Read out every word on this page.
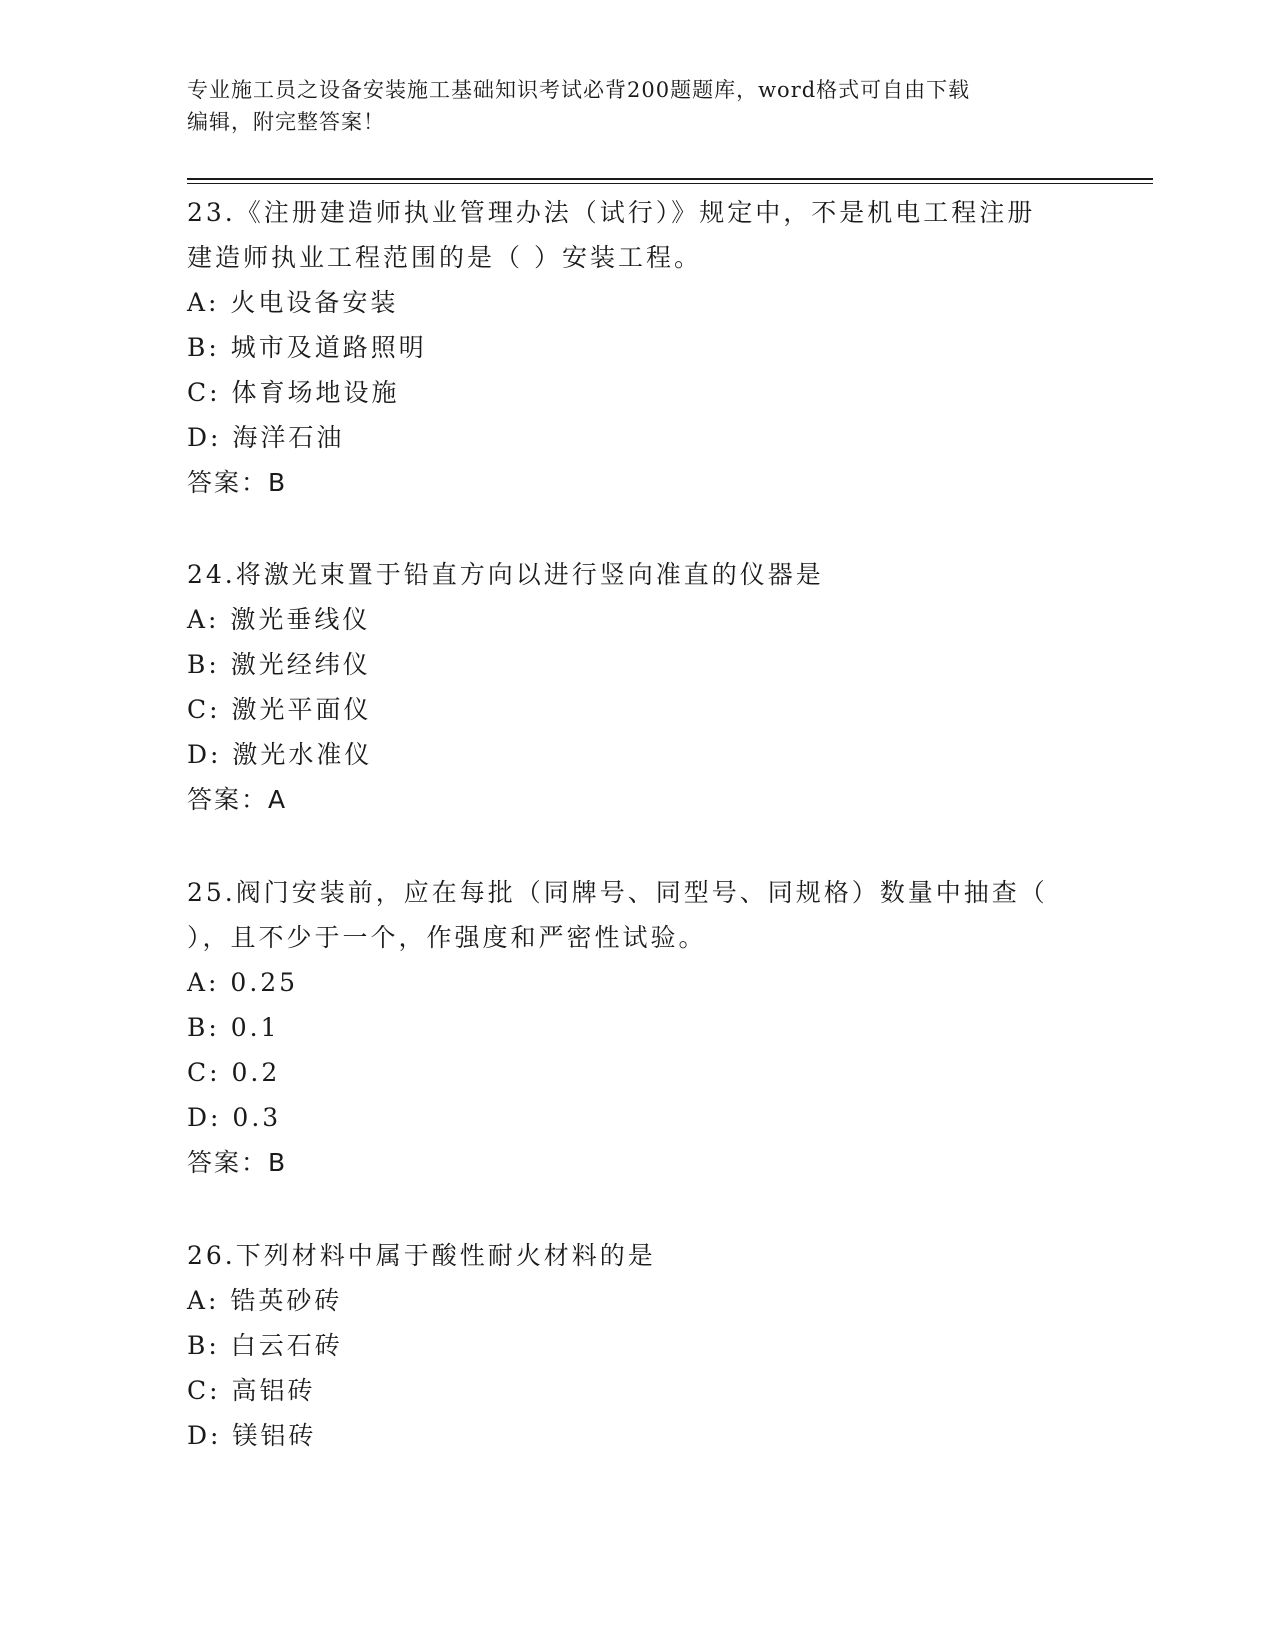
专业施工员之设备安装施工基础知识考试必背200题题库，word格式可自由下载
编辑，附完整答案！

23.《注册建造师执业管理办法（试行）》规定中，不是机电工程注册

建造师执业工程范围的是（ ）安装工程。

A: 火电设备安装

B: 城市及道路照明

C: 体育场地设施

D: 海洋石油

答案：B

24.将激光束置于铅直方向以进行竖向准直的仪器是

A: 激光垂线仪

B: 激光经纬仪

C: 激光平面仪

D: 激光水准仪

答案：A

25.阀门安装前，应在每批（同牌号、同型号、同规格）数量中抽查（

），且不少于一个，作强度和严密性试验。

A: 0.25

B: 0.1

C: 0.2

D: 0.3

答案：B

26.下列材料中属于酸性耐火材料的是

A: 锆英砂砖

B: 白云石砖

C: 高铝砖

D: 镁铝砖
